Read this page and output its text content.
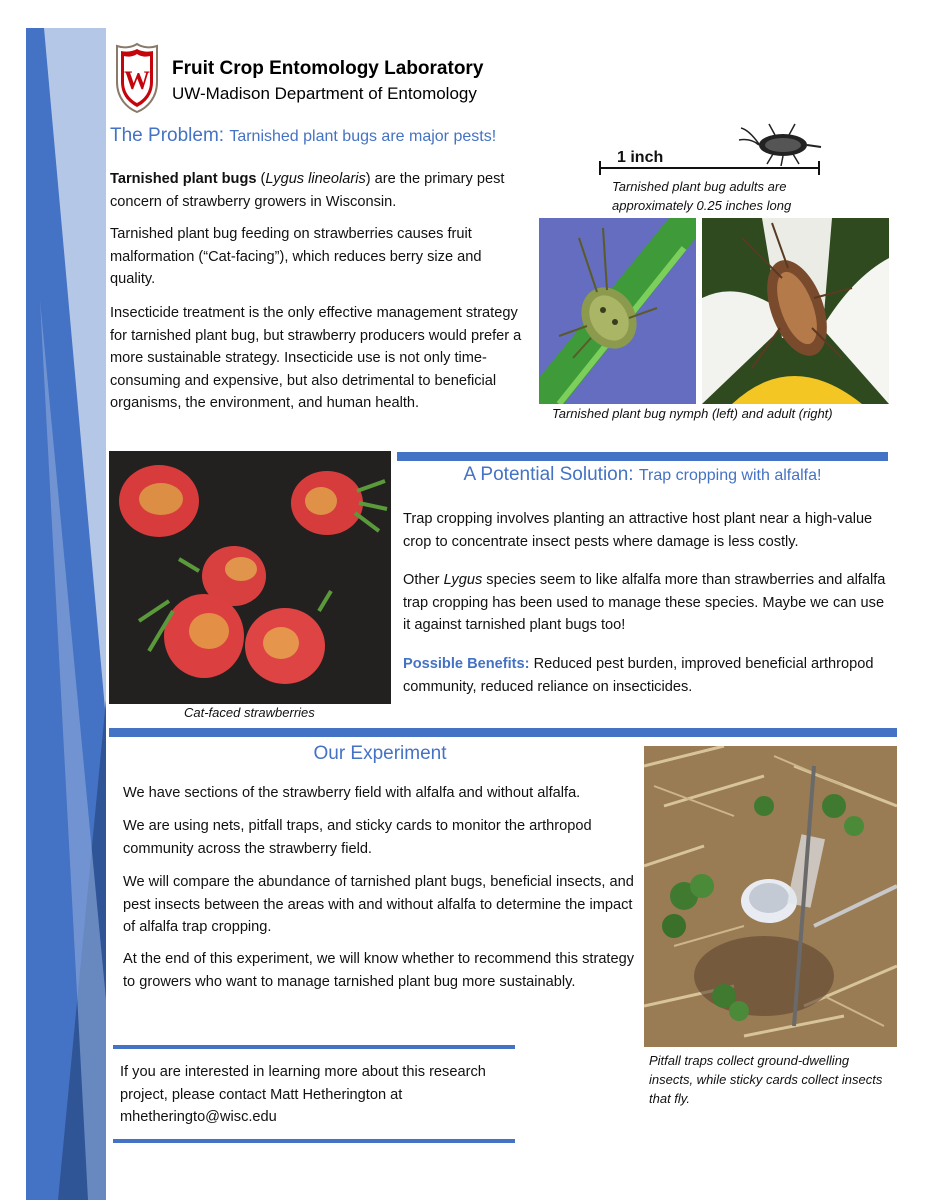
W Fruit Crop Entomology Laboratory
UW-Madison Department of Entomology
The Problem: Tarnished plant bugs are major pests!

Tarnished plant bugs (Lygus lineolaris) are the primary pest concern of strawberry growers in Wisconsin.

Tarnished plant bug feeding on strawberries causes fruit malformation (“Cat-facing”), which reduces berry size and quality.

Insecticide treatment is the only effective management strategy for tarnished plant bug, but strawberry producers would prefer a more sustainable strategy. Insecticide use is not only time-consuming and expensive, but also detrimental to beneficial organisms, the environment, and human health.

1 inch
Tarnished plant bug adults are approximately 0.25 inches long
Tarnished plant bug nymph (left) and adult (right)
Cat-faced strawberries
A Potential Solution: Trap cropping with alfalfa!

Trap cropping involves planting an attractive host plant near a high-value crop to concentrate insect pests where damage is less costly.

Other Lygus species seem to like alfalfa more than strawberries and alfalfa trap cropping has been used to manage these species. Maybe we can use it against tarnished plant bugs too!

Possible Benefits: Reduced pest burden, improved beneficial arthropod community, reduced reliance on insecticides.

Our Experiment

We have sections of the strawberry field with alfalfa and without alfalfa.

We are using nets, pitfall traps, and sticky cards to monitor the arthropod community across the strawberry field.

We will compare the abundance of tarnished plant bugs, beneficial insects, and pest insects between the areas with and without alfalfa to determine the impact of alfalfa trap cropping.

At the end of this experiment, we will know whether to recommend this strategy to growers who want to manage tarnished plant bug more sustainably.

Pitfall traps collect ground-dwelling insects, while sticky cards collect insects that fly.
If you are interested in learning more about this research project, please contact Matt Hetherington at
mhetheringto@wisc.edu
